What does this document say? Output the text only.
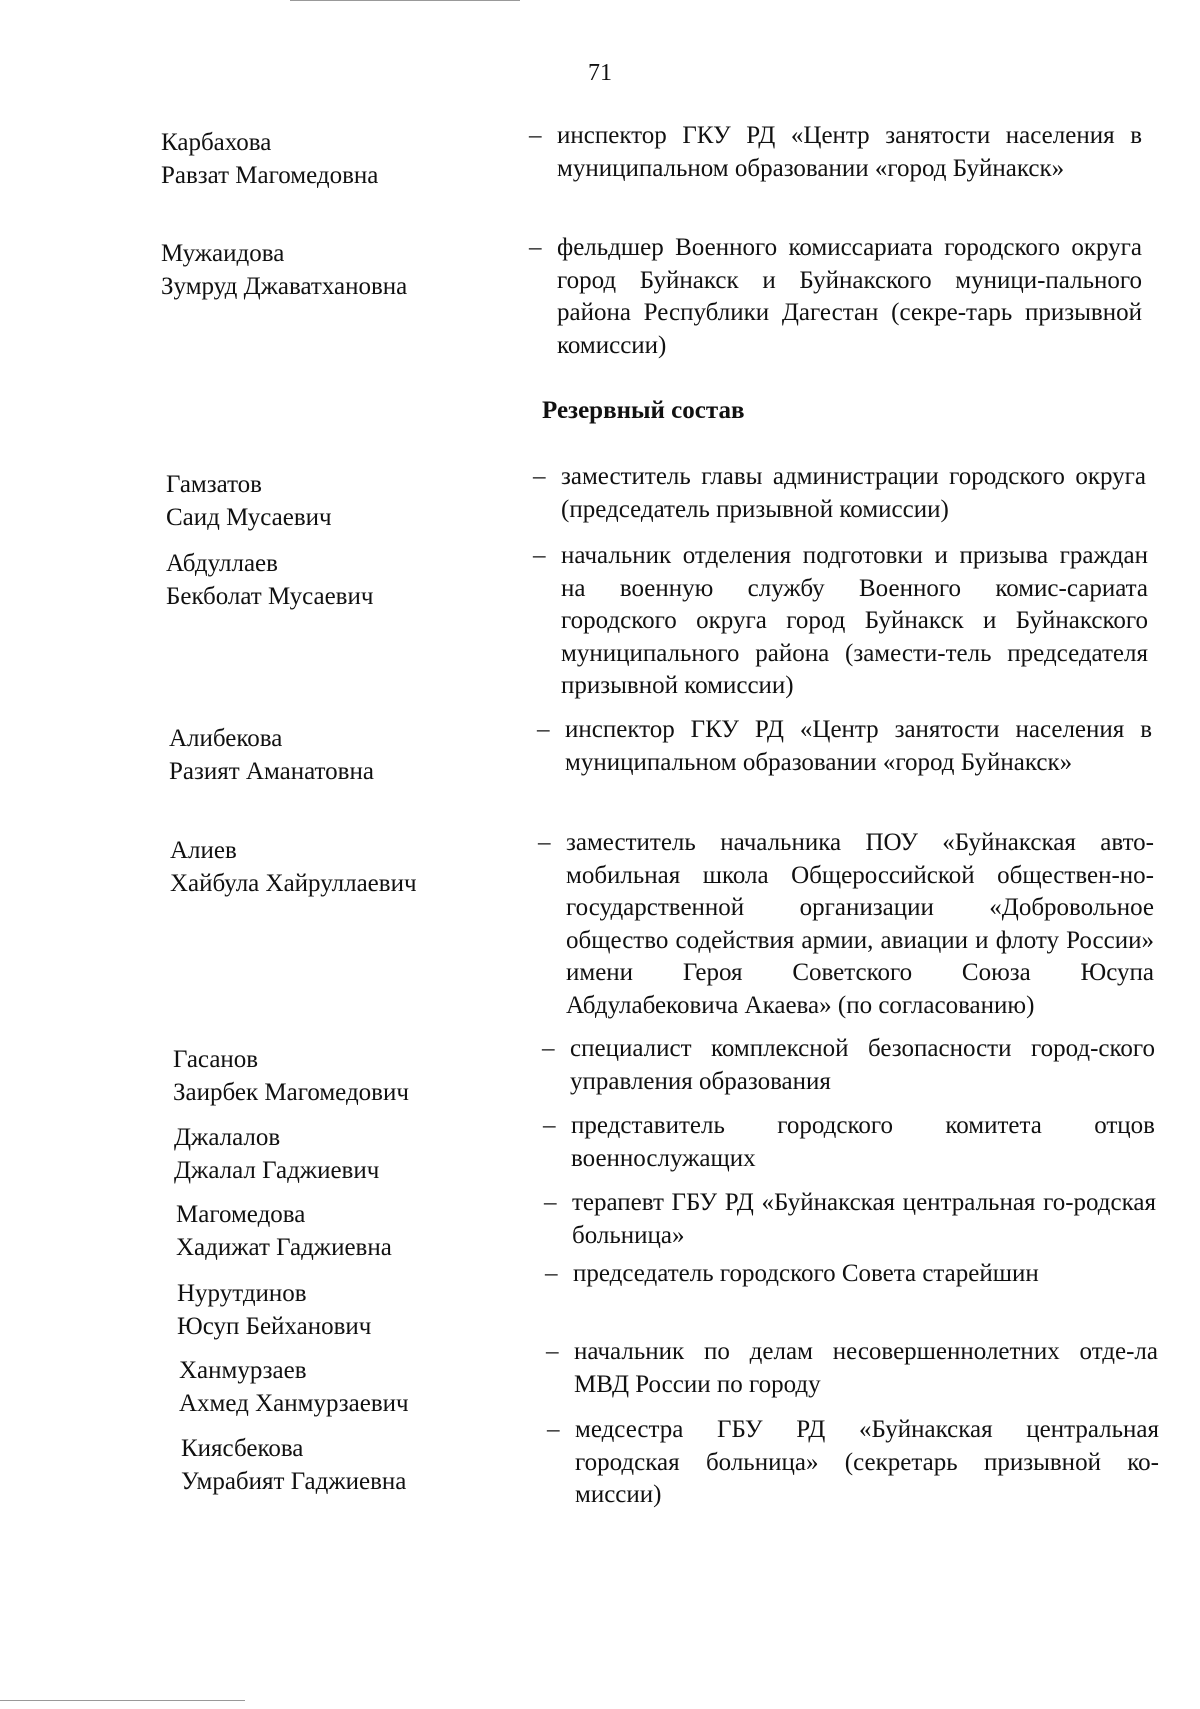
71
Карбахова
Равзат Магомедовна
– инспектор ГКУ РД «Центр занятости населения в муниципальном образовании «город Буйнакск»
Мужаидова
Зумруд Джаватхановна
– фельдшер Военного комиссариата городского округа город Буйнакск и Буйнакского муници-пального района Республики Дагестан (секре-тарь призывной комиссии)
Резервный состав
Гамзатов
Саид Мусаевич
– заместитель главы администрации городского округа (председатель призывной комиссии)
Абдуллаев
Бекболат Мусаевич
– начальник отделения подготовки и призыва граждан на военную службу Военного комис-сариата городского округа город Буйнакск и Буйнакского муниципального района (замести-тель председателя призывной комиссии)
Алибекова
Разият Аманатовна
– инспектор ГКУ РД «Центр занятости населения в муниципальном образовании «город Буйнакск»
Алиев
Хайбула Хайруллаевич
– заместитель начальника ПОУ «Буйнакская авто-мобильная школа Общероссийской обществен-но-государственной организации «Добровольное общество содействия армии, авиации и флоту России» имени Героя Советского Союза Юсупа Абдулабековича Акаева» (по согласованию)
Гасанов
Заирбек Магомедович
– специалист комплексной безопасности город-ского управления образования
Джалалов
Джалал Гаджиевич
– представитель городского комитета отцов военнослужащих
Магомедова
Хадижат Гаджиевна
– терапевт ГБУ РД «Буйнакская центральная го-родская больница»
Нурутдинов
Юсуп Бейханович
– председатель городского Совета старейшин
Ханмурзаев
Ахмед Ханмурзаевич
– начальник по делам несовершеннолетних отде-ла МВД России по городу
Киясбекова
Умрабият Гаджиевна
– медсестра ГБУ РД «Буйнакская центральная городская больница» (секретарь призывной ко-миссии)
